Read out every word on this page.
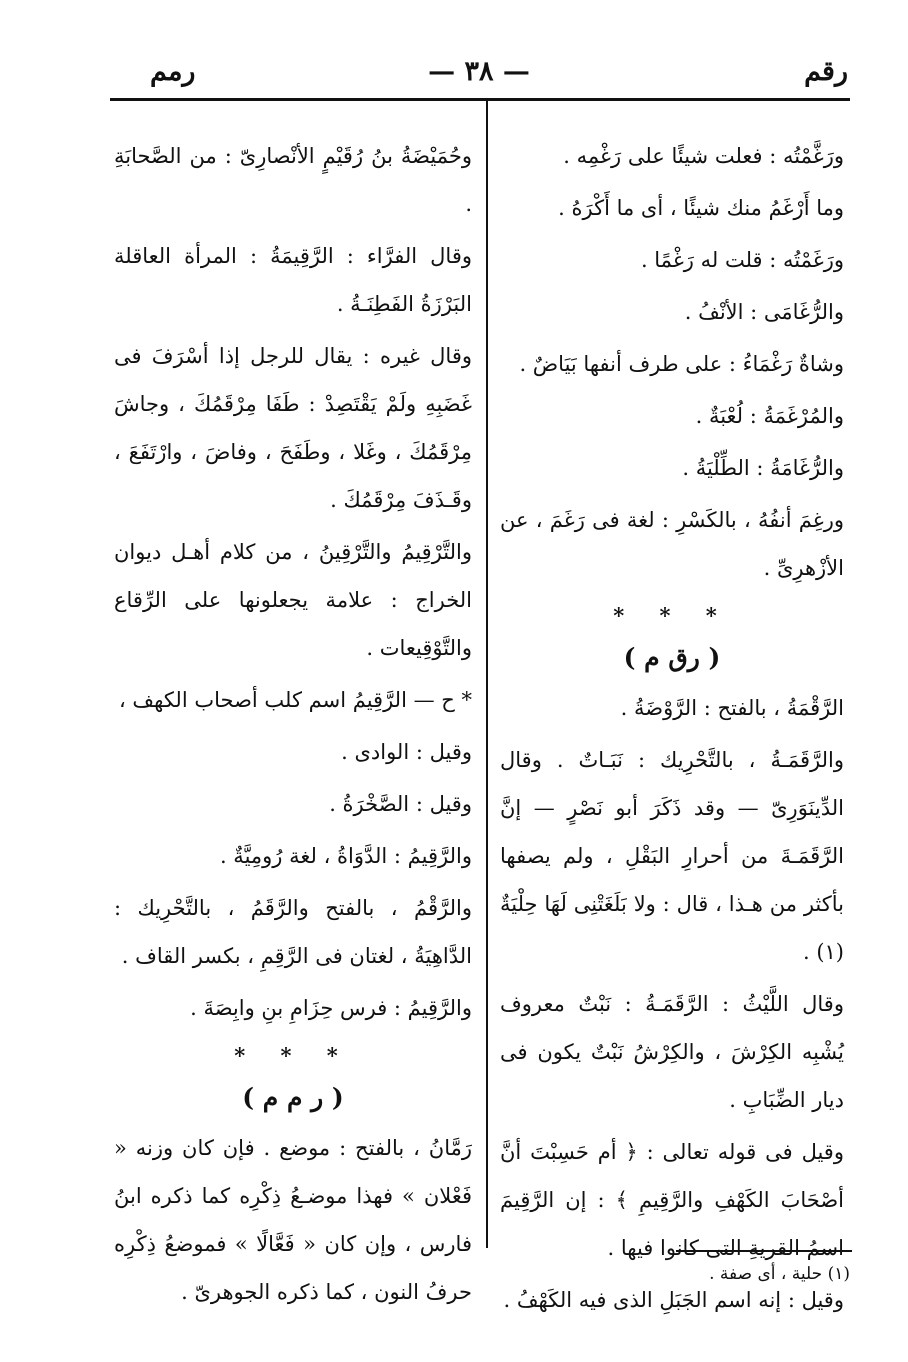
رقم
— ٣٨ —
رمم

ورَغَّمْتُه : فعلت شيئًا على رَغْمِه .

وما أَرْغَمُ منك شيئًا ، أى ما أَكْرَهُ .

ورَغَمْتُه : قلت له رَغْمًا .

والرُّغَامَى : الأنْفُ .

وشاةٌ رَغْمَاءُ : على طرف أنفها بَيَاضٌ .

والمُرْغَمَةُ : لُعْبَةٌ .

والرُّغَامَةُ : الطِّلْيَةُ .

ورغِمَ أنفُهُ ، بالكَسْرِ : لغة فى رَغَمَ ، عن الأزْهرِىِّ .

* * *
( رق م )

الرَّقْمَةُ ، بالفتح : الرَّوْضَةُ .

والرَّقَمَـةُ ، بالتَّحْرِيك : نَبَـاتٌ . وقال الدِّينَوَرِىّ — وقد ذَكَرَ أبو نَصْرٍ — إنَّ الرَّقَمَـةَ من أحرارِ البَقْلِ ، ولم يصفها بأكثر من هـذا ، قال : ولا بَلَغَتْنِى لَهَا حِلْيَةٌ (١) .

وقال اللَّيْثُ : الرَّقَمَـةُ : نَبْتٌ معروف يُشْبِه الكِرْشَ ، والكِرْشُ نَبْتٌ يكون فى ديار الضِّبَابِ .

وقيل فى قوله تعالى : ﴿ أم حَسِبْتَ أنَّ أصْحَابَ الكَهْفِ والرَّقِيمِ ﴾ : إن الرَّقِيمَ اسمُ القريةِ التى كانوا فيها .

وقيل : إنه اسم الجَبَلِ الذى فيه الكَهْفُ .

وحُمَيْضَةُ بنُ رُقَيْمٍ الأنْصارِىّ : من الصَّحابَةِ .

وقال الفرَّاء : الرَّقِيمَةُ : المرأة العاقلة البَرْزَةُ الفَطِنَـةُ .

وقال غيره : يقال للرجل إذا أسْرَفَ فى غَضَبِهِ ولَمْ يَقْتَصِدْ : طَفَا مِرْقَمُكَ ، وجاشَ مِرْقَمُكَ ، وغَلا ، وطَفَحَ ، وفاضَ ، وارْتَفَعَ ، وقَـذَفَ مِرْقَمُكَ .

والتَّرْقِيمُ والتَّرْقِينُ ، من كلام أهـل ديوان الخراج : علامة يجعلونها على الرِّقاع والتَّوْقِيعات .

* ح — الرَّقِيمُ اسم كلب أصحاب الكهف ،

وقيل : الوادى .

وقيل : الصَّخْرَةُ .

والرَّقِيمُ : الدَّوَاةُ ، لغة رُومِيَّةٌ .

والرَّقْمُ ، بالفتح والرَّقَمُ ، بالتَّحْرِيك : الدَّاهِيَةُ ، لغتان فى الرَّقِمِ ، بكسر القاف .

والرَّقِيمُ : فرس حِزَامِ بنِ وابِصَةَ .

* * *
( ر م م )

رَمَّانُ ، بالفتح : موضع . فإن كان وزنه « فَعْلان » فهذا موضـعُ ذِكْرِه كما ذكره ابنُ فارس ، وإن كان « فَعَّالًا » فموضعُ ذِكْرِه حرفُ النون ، كما ذكره الجوهرىّ .

(١) حلية ، أى صفة .
